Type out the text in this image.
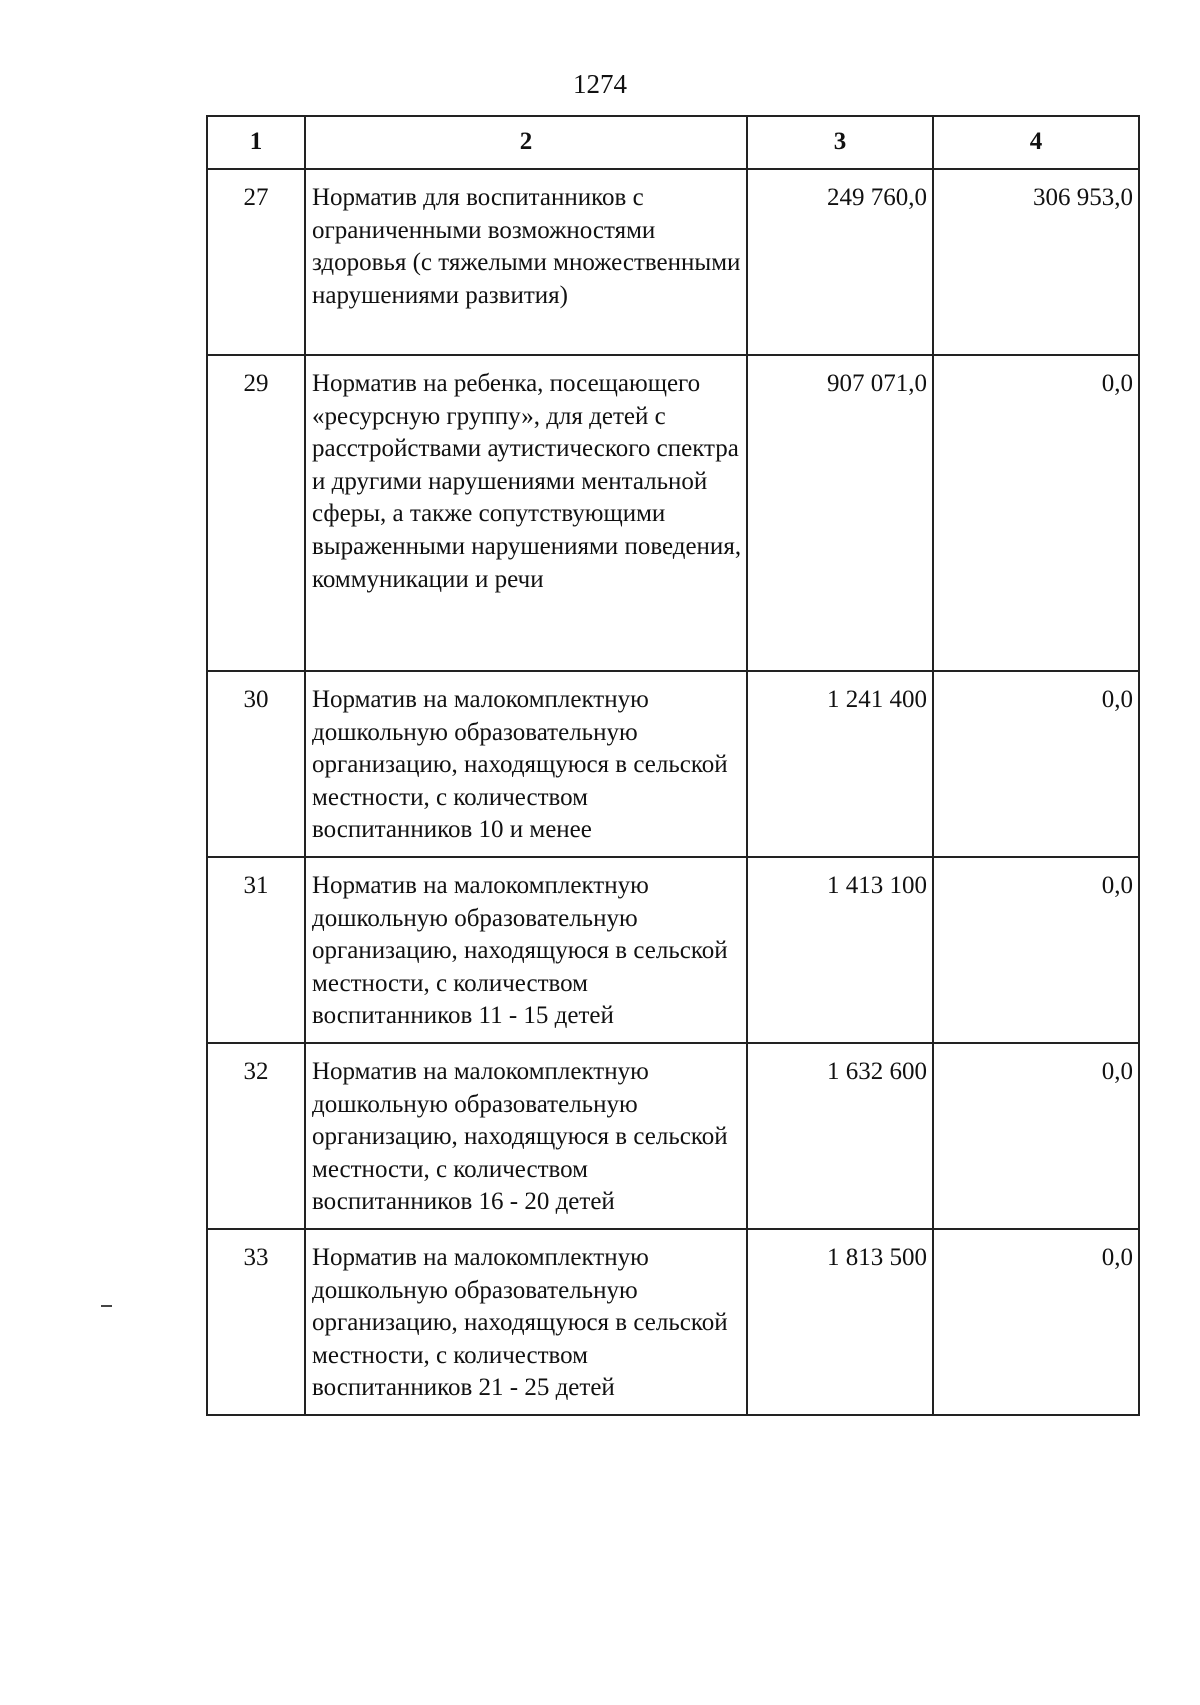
1274
1	2	3	4
27	Норматив для воспитанников с ограниченными возможностями здоровья (с тяжелыми множественными нарушениями развития)	249 760,0	306 953,0
29	Норматив на ребенка, посещающего «ресурсную группу», для детей с расстройствами аутистического спектра и другими нарушениями ментальной сферы, а также сопутствующими выраженными нарушениями поведения, коммуникации и речи	907 071,0	0,0
30	Норматив на малокомплектную дошкольную образовательную организацию, находящуюся в сельской местности, с количеством воспитанников 10 и менее	1 241 400	0,0
31	Норматив на малокомплектную дошкольную образовательную организацию, находящуюся в сельской местности, с количеством воспитанников 11 - 15 детей	1 413 100	0,0
32	Норматив на малокомплектную дошкольную образовательную организацию, находящуюся в сельской местности, с количеством воспитанников 16 - 20 детей	1 632 600	0,0
33	Норматив на малокомплектную дошкольную образовательную организацию, находящуюся в сельской местности, с количеством воспитанников 21 - 25 детей	1 813 500	0,0
